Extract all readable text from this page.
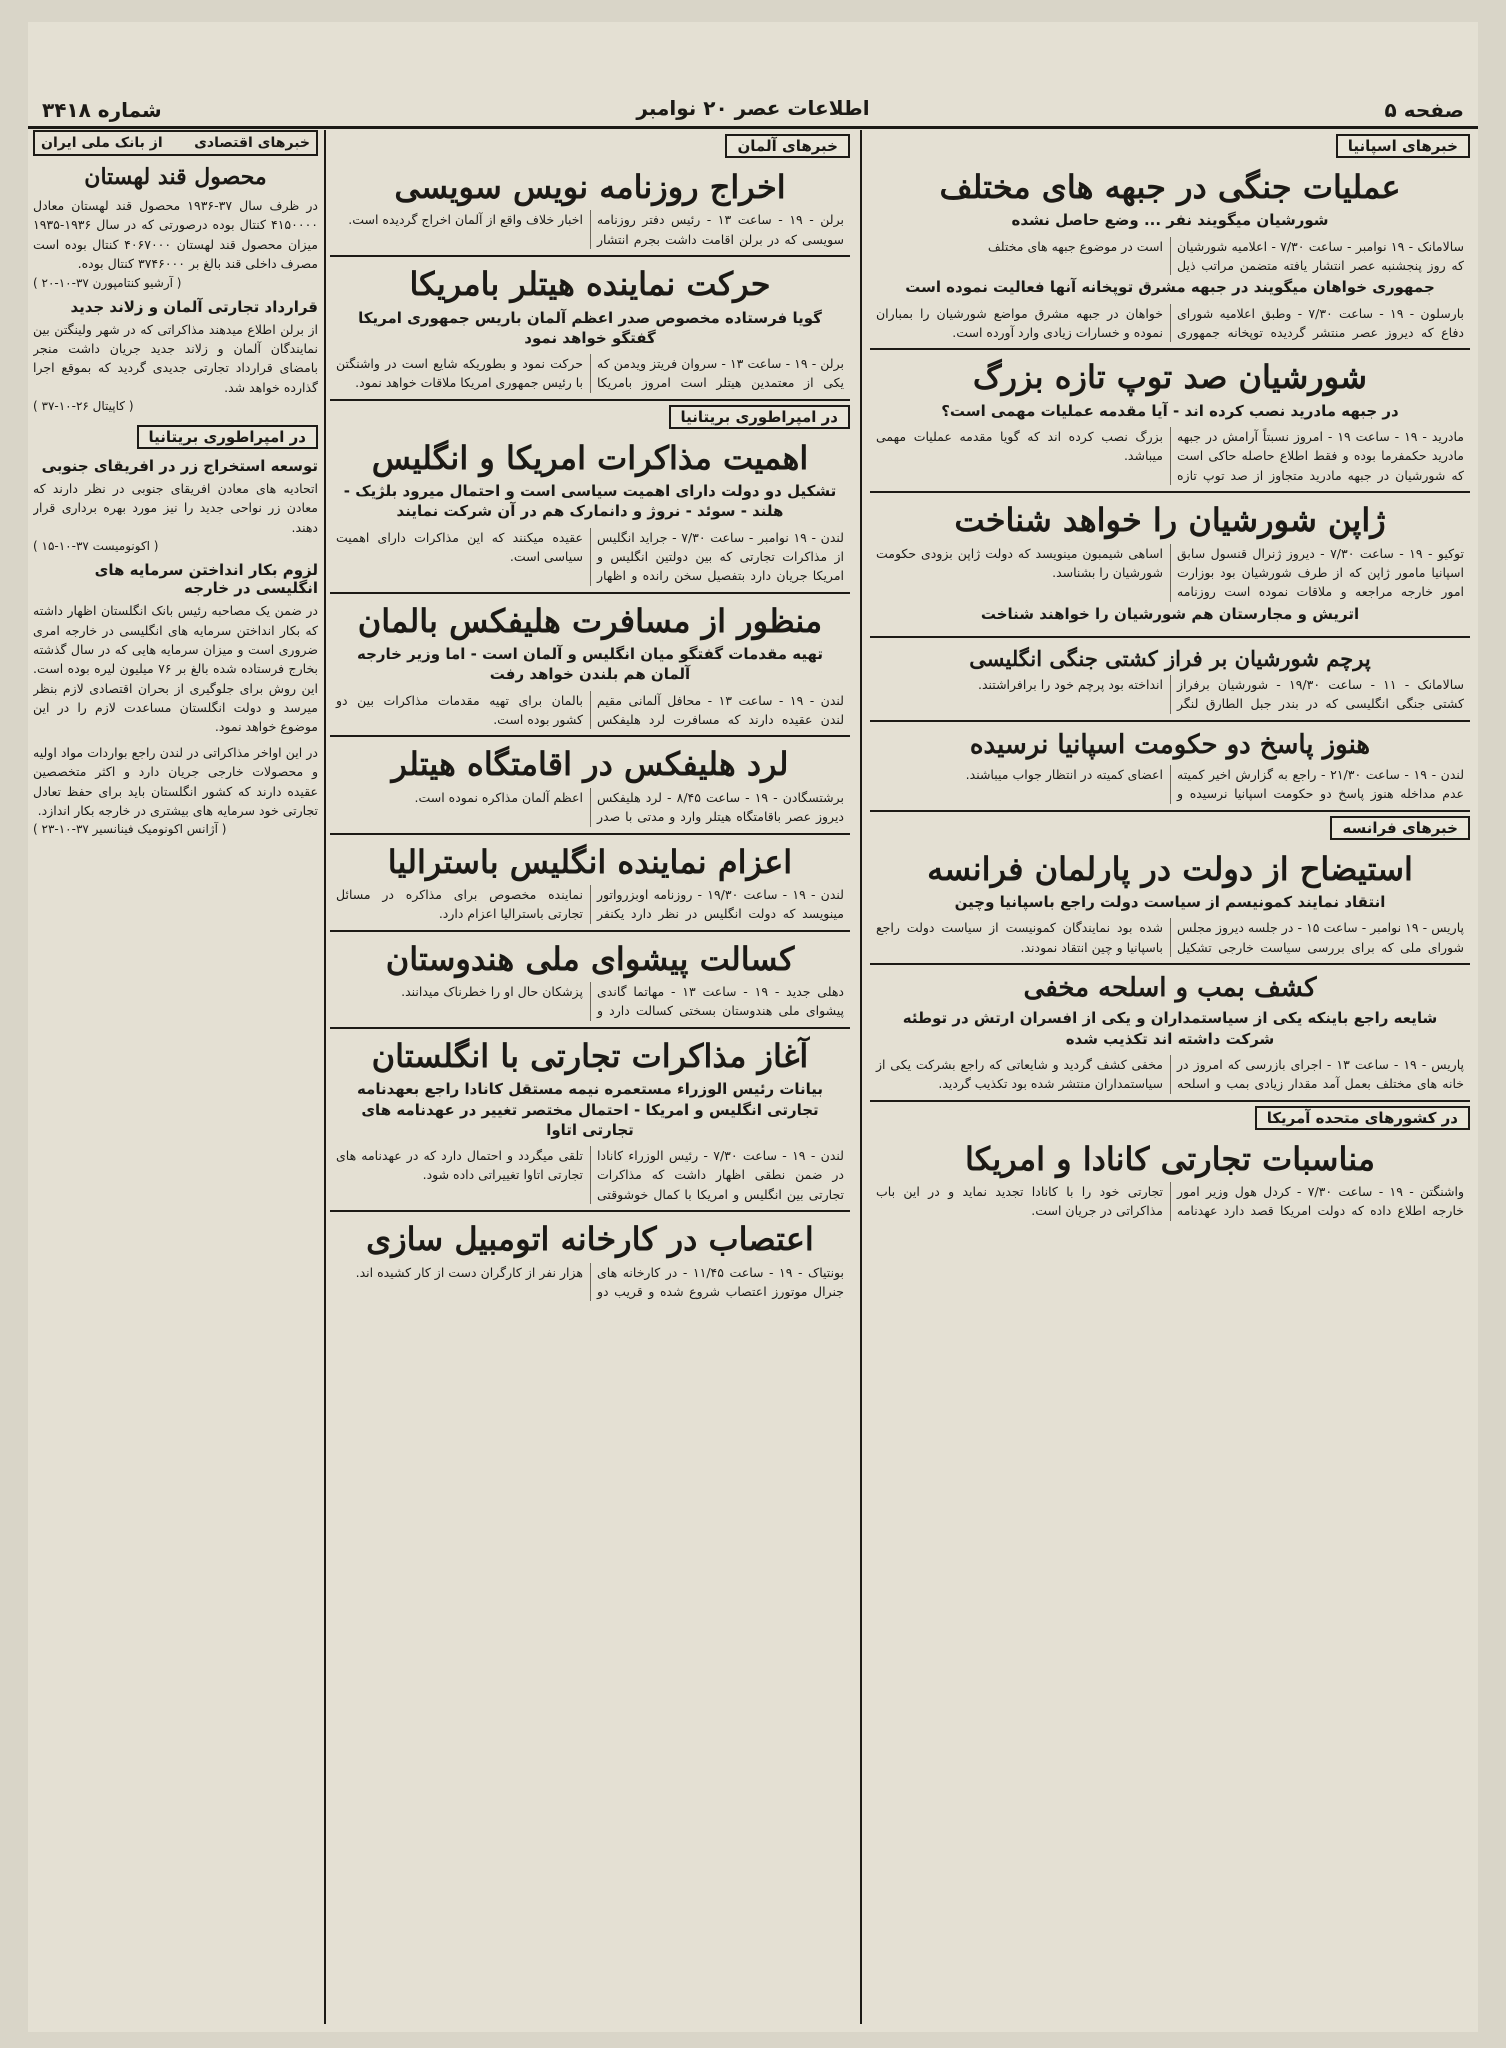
صفحه ۵
اطلاعات عصر ۲۰ نوامبر
شماره ۳۴۱۸
خبرهای اسپانیا
عملیات جنگی در جبهه های مختلف
شورشیان میگویند نفر ... وضع حاصل نشده
سالامانک - ۱۹ نوامبر - ساعت ۷/۳۰ - اعلامیه شورشیان که روز پنجشنبه عصر انتشار یافته متضمن مراتب ذیل است در موضوع جبهه های مختلف
جمهوری خواهان میگویند در جبهه مشرق توپخانه آنها فعالیت نموده است
بارسلون - ۱۹ - ساعت ۷/۳۰ - وطبق اعلامیه شورای دفاع که دیروز عصر منتشر گردیده توپخانه جمهوری خواهان در جبهه مشرق مواضع شورشیان را بمباران نموده و خسارات زیادی وارد آورده است.
شورشیان صد توپ تازه بزرگ
در جبهه مادرید نصب کرده اند - آیا مقدمه عملیات مهمی است؟
مادرید - ۱۹ - ساعت ۱۹ - امروز نسبتاً آرامش در جبهه مادرید حکمفرما بوده و فقط اطلاع حاصله حاکی است که شورشیان در جبهه مادرید متجاوز از صد توپ تازه بزرگ نصب کرده اند که گویا مقدمه عملیات مهمی میباشد.
ژاپن شورشیان را خواهد شناخت
توکیو - ۱۹ - ساعت ۷/۳۰ - دیروز ژنرال قنسول سابق اسپانیا مامور ژاپن که از طرف شورشیان بود بوزارت امور خارجه مراجعه و ملاقات نموده است روزنامه اساهی شیمبون مینویسد که دولت ژاپن بزودی حکومت شورشیان را بشناسد.
اتریش و مجارستان هم شورشیان را خواهند شناخت
پرچم شورشیان بر فراز کشتی جنگی انگلیسی
سالامانک - ۱۱ - ساعت ۱۹/۳۰ - شورشیان برفراز کشتی جنگی انگلیسی که در بندر جبل الطارق لنگر انداخته بود پرچم خود را برافراشتند.
هنوز پاسخ دو حکومت اسپانیا نرسیده
لندن - ۱۹ - ساعت ۲۱/۳۰ - راجع به گزارش اخیر کمیته عدم مداخله هنوز پاسخ دو حکومت اسپانیا نرسیده و اعضای کمیته در انتظار جواب میباشند.
خبرهای فرانسه
استیضاح از دولت در پارلمان فرانسه
انتقاد نمایند کمونیسم از سیاست دولت راجع باسپانیا وچین
پاریس - ۱۹ نوامبر - ساعت ۱۵ - در جلسه دیروز مجلس شورای ملی که برای بررسی سیاست خارجی تشکیل شده بود نمایندگان کمونیست از سیاست دولت راجع باسپانیا و چین انتقاد نمودند.
کشف بمب و اسلحه مخفی
شایعه راجع باینکه یکی از سیاستمداران و یکی از افسران ارتش در توطئه شرکت داشته اند تکذیب شده
پاریس - ۱۹ - ساعت ۱۳ - اجرای بازرسی که امروز در خانه های مختلف بعمل آمد مقدار زیادی بمب و اسلحه مخفی کشف گردید و شایعاتی که راجع بشرکت یکی از سیاستمداران منتشر شده بود تکذیب گردید.
در کشورهای متحده آمریکا
مناسبات تجارتی کانادا و امریکا
واشنگتن - ۱۹ - ساعت ۷/۳۰ - کردل هول وزیر امور خارجه اطلاع داده که دولت امریکا قصد دارد عهدنامه تجارتی خود را با کانادا تجدید نماید و در این باب مذاکراتی در جریان است.
خبرهای آلمان
اخراج روزنامه نویس سویسی
برلن - ۱۹ - ساعت ۱۳ - رئیس دفتر روزنامه سویسی که در برلن اقامت داشت بجرم انتشار اخبار خلاف واقع از آلمان اخراج گردیده است.
حرکت نماینده هیتلر بامریکا
گویا فرستاده مخصوص صدر اعظم آلمان باریس جمهوری امریکا گفتگو خواهد نمود
برلن - ۱۹ - ساعت ۱۳ - سروان فریتز ویدمن که یکی از معتمدین هیتلر است امروز بامریکا حرکت نمود و بطوریکه شایع است در واشنگتن با رئیس جمهوری امریکا ملاقات خواهد نمود.
در امپراطوری بریتانیا
اهمیت مذاکرات امریکا و انگلیس
تشکیل دو دولت دارای اهمیت سیاسی است و احتمال میرود بلژیک - هلند - سوئد - نروژ و دانمارک هم در آن شرکت نمایند
لندن - ۱۹ نوامبر - ساعت ۷/۳۰ - جراید انگلیس از مذاکرات تجارتی که بین دولتین انگلیس و امریکا جریان دارد بتفصیل سخن رانده و اظهار عقیده میکنند که این مذاکرات دارای اهمیت سیاسی است.
منظور از مسافرت هلیفکس بالمان
تهیه مقدمات گفتگو میان انگلیس و آلمان است - اما وزیر خارجه آلمان هم بلندن خواهد رفت
لندن - ۱۹ - ساعت ۱۳ - محافل آلمانی مقیم لندن عقیده دارند که مسافرت لرد هلیفکس بالمان برای تهیه مقدمات مذاکرات بین دو کشور بوده است.
لرد هلیفکس در اقامتگاه هیتلر
برشتسگادن - ۱۹ - ساعت ۸/۴۵ - لرد هلیفکس دیروز عصر باقامتگاه هیتلر وارد و مدتی با صدر اعظم آلمان مذاکره نموده است.
اعزام نماینده انگلیس باسترالیا
لندن - ۱۹ - ساعت ۱۹/۳۰ - روزنامه اوبزرواتور مینویسد که دولت انگلیس در نظر دارد یکنفر نماینده مخصوص برای مذاکره در مسائل تجارتی باسترالیا اعزام دارد.
کسالت پیشوای ملی هندوستان
دهلی جدید - ۱۹ - ساعت ۱۳ - مهاتما گاندی پیشوای ملی هندوستان بسختی کسالت دارد و پزشکان حال او را خطرناک میدانند.
آغاز مذاکرات تجارتی با انگلستان
بیانات رئیس الوزراء مستعمره نیمه مستقل کانادا راجع بعهدنامه تجارتی انگلیس و امریکا - احتمال مختصر تغییر در عهدنامه های تجارتی اتاوا
لندن - ۱۹ - ساعت ۷/۳۰ - رئیس الوزراء کانادا در ضمن نطقی اظهار داشت که مذاکرات تجارتی بین انگلیس و امریکا با کمال خوشوقتی تلقی میگردد و احتمال دارد که در عهدنامه های تجارتی اتاوا تغییراتی داده شود.
اعتصاب در کارخانه اتومبیل سازی
بونتیاک - ۱۹ - ساعت ۱۱/۴۵ - در کارخانه های جنرال موتورز اعتصاب شروع شده و قریب دو هزار نفر از کارگران دست از کار کشیده اند.
خبرهای اقتصادی
از بانک ملی ایران
محصول قند لهستان
در ظرف سال ۳۷-۱۹۳۶ محصول قند لهستان معادل ۴۱۵۰۰۰۰ کنتال بوده درصورتی که در سال ۱۹۳۶-۱۹۳۵ میزان محصول قند لهستان ۴۰۶۷۰۰۰ کنتال بوده است مصرف داخلی قند بالغ بر ۳۷۴۶۰۰۰ کنتال بوده.
( آرشیو کنتامپورن ۳۷-۱۰-۲۰ )
قرارداد تجارتی آلمان و زلاند جدید
از برلن اطلاع میدهند مذاکراتی که در شهر ولینگتن بین نمایندگان آلمان و زلاند جدید جریان داشت منجر بامضای قرارداد تجارتی جدیدی گردید که بموقع اجرا گذارده خواهد شد.
( کاپیتال ۲۶-۱۰-۳۷ )
در امپراطوری بریتانیا
توسعه استخراج زر در افریقای جنوبی
اتحادیه های معادن افریقای جنوبی در نظر دارند که معادن زر نواحی جدید را نیز مورد بهره برداری قرار دهند.
( اکونومیست ۳۷-۱۰-۱۵ )
لزوم بکار انداختن سرمایه های انگلیسی در خارجه
در ضمن یک مصاحبه رئیس بانک انگلستان اظهار داشته که بکار انداختن سرمایه های انگلیسی در خارجه امری ضروری است و میزان سرمایه هایی که در سال گذشته بخارج فرستاده شده بالغ بر ۷۶ میلیون لیره بوده است. این روش برای جلوگیری از بحران اقتصادی لازم بنظر میرسد و دولت انگلستان مساعدت لازم را در این موضوع خواهد نمود.
در این اواخر مذاکراتی در لندن راجع بواردات مواد اولیه و محصولات خارجی جریان دارد و اکثر متخصصین عقیده دارند که کشور انگلستان باید برای حفظ تعادل تجارتی خود سرمایه های بیشتری در خارجه بکار اندازد.
( آژانس اکونومیک فینانسیر ۳۷-۱۰-۲۳ )
